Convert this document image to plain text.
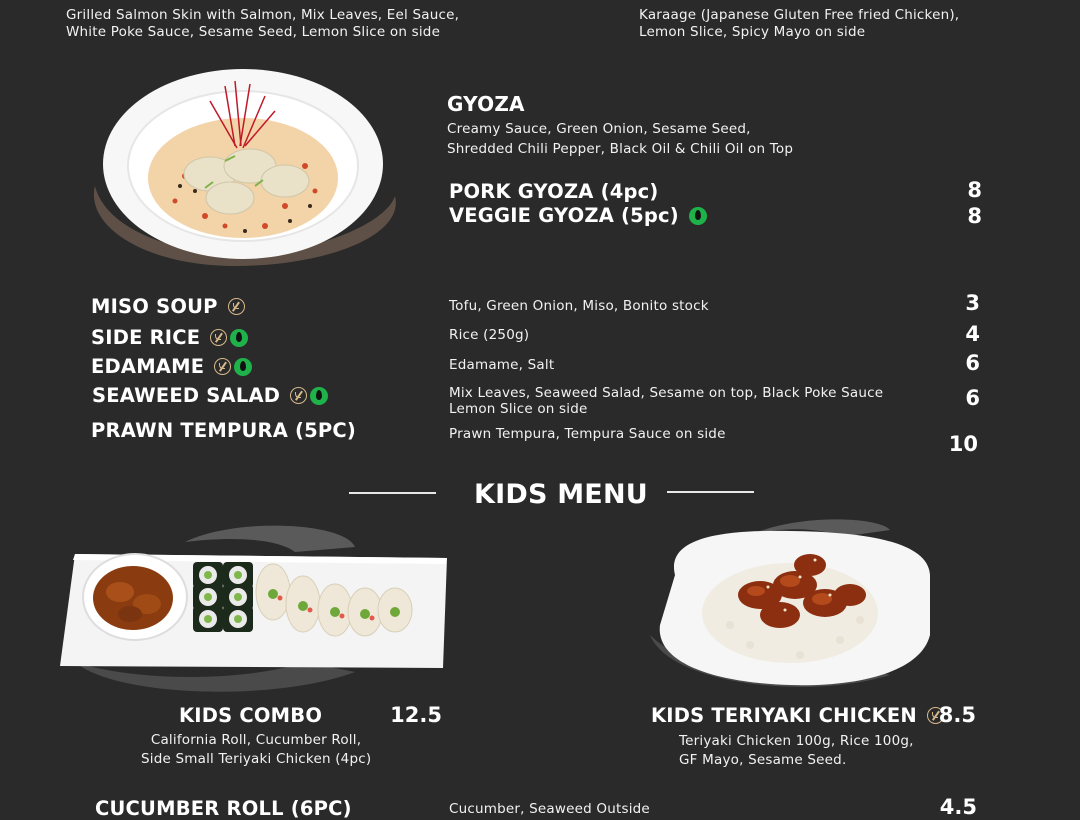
Grilled Salmon Skin with Salmon, Mix Leaves, Eel Sauce,
White Poke Sauce, Sesame Seed, Lemon Slice on side
Karaage (Japanese Gluten Free fried Chicken),
Lemon Slice, Spicy Mayo on side
GYOZA
Creamy Sauce, Green Onion, Sesame Seed,
Shredded Chili Pepper, Black Oil & Chili Oil on Top
PORK GYOZA (4pc)	8
VEGGIE GYOZA (5pc)	8
MISO SOUP	Tofu, Green Onion, Miso, Bonito stock	3
SIDE RICE	Rice (250g)	4
EDAMAME	Edamame, Salt	6
SEAWEED SALAD	Mix Leaves, Seaweed Salad, Sesame on top, Black Poke Sauce
Lemon Slice on side	6
PRAWN TEMPURA (5PC)	Prawn Tempura, Tempura Sauce on side	10
KIDS MENU
KIDS COMBO	12.5
California Roll, Cucumber Roll,
Side Small Teriyaki Chicken (4pc)
KIDS TERIYAKI CHICKEN	8.5
Teriyaki Chicken 100g, Rice 100g,
GF Mayo, Sesame Seed.
CUCUMBER ROLL (6PC)	Cucumber, Seaweed Outside	4.5
